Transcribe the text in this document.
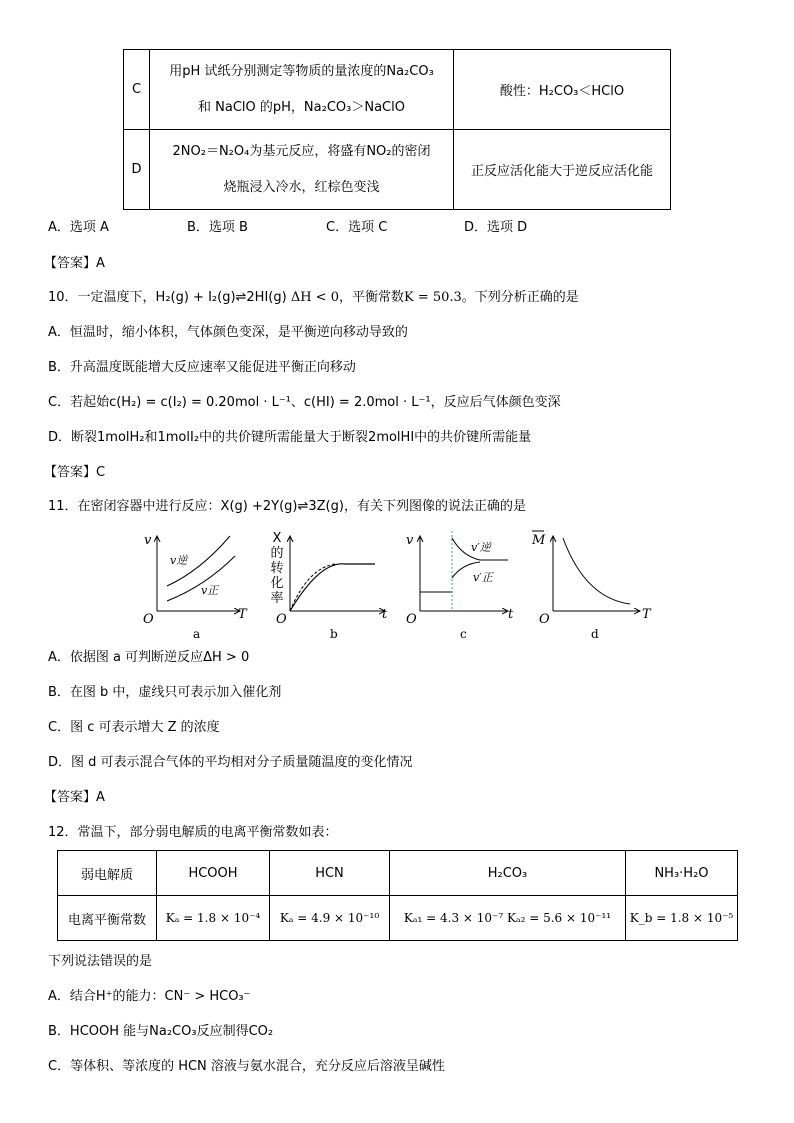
C	用pH 试纸分别测定等物质的量浓度的Na₂CO₃
和 NaClO 的pH，Na₂CO₃＞NaClO	酸性：H₂CO₃＜HClO
D	2NO₂＝N₂O₄为基元反应，将盛有NO₂的密闭
烧瓶浸入冷水，红棕色变浅	正反应活化能大于逆反应活化能
A．选项 A	B．选项 B	C．选项 C	D．选项 D
【答案】A
10．一定温度下，H₂(g) + I₂(g)⇌2HI(g) ΔH < 0，平衡常数K = 50.3。下列分析正确的是
A．恒温时，缩小体积，气体颜色变深，是平衡逆向移动导致的
B．升高温度既能增大反应速率又能促进平衡正向移动
C．若起始c(H₂) = c(I₂) = 0.20mol · L⁻¹、c(HI) = 2.0mol · L⁻¹，反应后气体颜色变深
D．断裂1molH₂和1molI₂中的共价键所需能量大于断裂2molHI中的共价键所需能量
【答案】C
11．在密闭容器中进行反应：X(g) +2Y(g)⇌3Z(g)，有关下列图像的说法正确的是
v
T
O
v逆
v正
a
O	t
b
v
O	t
v′逆
v′正
c
M
O	T
d
X
的
转
化
率
A．依据图 a 可判断逆反应ΔH > 0
B．在图 b 中，虚线只可表示加入催化剂
C．图 c 可表示增大 Z 的浓度
D．图 d 可表示混合气体的平均相对分子质量随温度的变化情况
【答案】A
12．常温下，部分弱电解质的电离平衡常数如表：
弱电解质	HCOOH	HCN	H₂CO₃	NH₃·H₂O
电离平衡常数	Kₐ = 1.8 × 10⁻⁴	Kₐ = 4.9 × 10⁻¹⁰	Kₐ₁ = 4.3 × 10⁻⁷ Kₐ₂ = 5.6 × 10⁻¹¹	K_b = 1.8 × 10⁻⁵
下列说法错误的是
A．结合H⁺的能力：CN⁻ > HCO₃⁻
B．HCOOH 能与Na₂CO₃反应制得CO₂
C．等体积、等浓度的 HCN 溶液与氨水混合，充分反应后溶液呈碱性
